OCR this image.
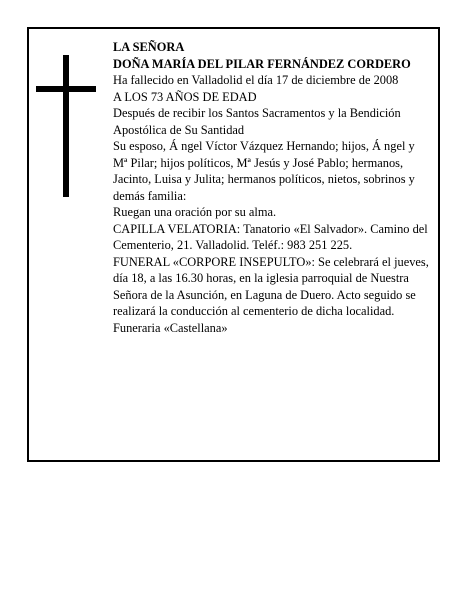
LA SEÑORA

DOÑA MARÍA DEL PILAR FERNÁNDEZ CORDERO

Ha fallecido en Valladolid el día 17 de diciembre de 2008

A LOS 73 AÑOS DE EDAD

Después de recibir los Santos Sacramentos y la Bendición Apostólica de Su Santidad

Su esposo, Á ngel Víctor Vázquez Hernando; hijos, Á ngel y Mª Pilar; hijos políticos, Mª Jesús y José Pablo; hermanos, Jacinto, Luisa y Julita; hermanos políticos, nietos, sobrinos y demás familia:

Ruegan una oración por su alma.

CAPILLA VELATORIA: Tanatorio «El Salvador». Camino del Cementerio, 21. Valladolid. Teléf.: 983 251 225.

FUNERAL «CORPORE INSEPULTO»: Se celebrará el jueves, día 18, a las 16.30 horas, en la iglesia parroquial de Nuestra Señora de la Asunción, en Laguna de Duero. Acto seguido se realizará la conducción al cementerio de dicha localidad.

Funeraria «Castellana»
